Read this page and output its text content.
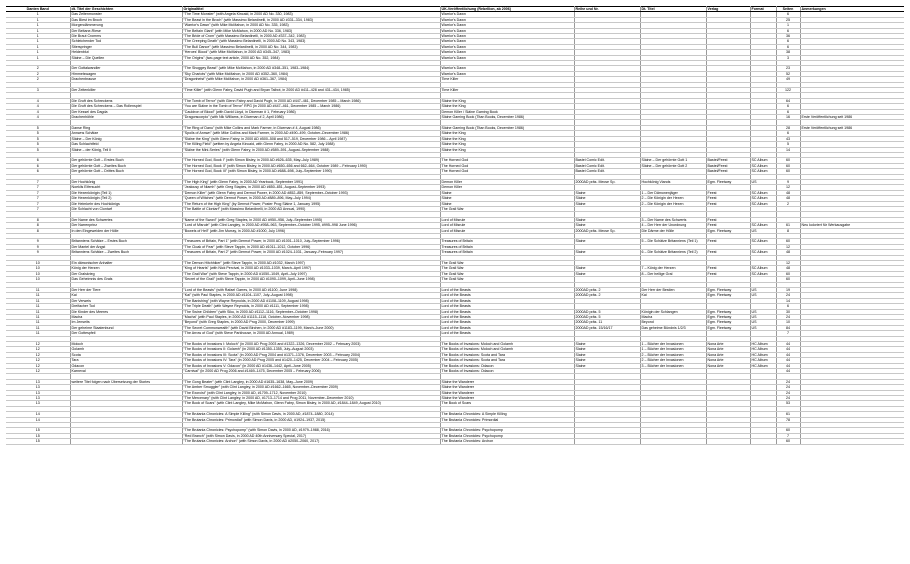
Danten Band	dt. Titel der Geschichten	Originaltitel	UK-Veröffentlichung (Rebellion, ab 2006)	Reihe und Nr.	Dt. Titel	Verlag	Format	Seiten	Anmerkungen
1	Das Zeitenmonster	"The Time Monster" (with Angela Kincaid, in 2000 AD No. 330, 1983)	Warrior's Dawn					6	
1	Das Biest im Broch	"The Beast in the Broch" (with Massimo Belardinelli, in 2000 AD #331–334, 1983)	Warrior's Dawn					25	
1	Morgendämmerung	"Warrior's Dawn" (with Mike McMahon, in 2000 AD No. 335, 1983)	Warrior's Dawn					1	
1	Der Beltane-Riese	"The Beltain Giant" (with Mike McMahon, in 2000 AD No. 336, 1983)	Warrior's Dawn					6	
1	Die Braut Cromms	"The Bride of Crom" (with Massimo Belardinelli, in 2000 AD #337–342, 1983)	Warrior's Dawn					36	
1	Schleichender Tod	"The Creeping Death" (with Massimo Belardinelli, in 2000 AD No. 343, 1983)	Warrior's Dawn					6	
1	Stierspringer	"The Bull Dance" (with Massimo Belardinelli, in 2000 AD No. 344, 1983)	Warrior's Dawn					6	
1	Heldenblut	"Heroes' Blood" (with Mike McMahon, in 2000 AD #345–347, 1983)	Warrior's Dawn					38	
1	Sláine – Die Quellen	"The Origins" (two-page text article, 2000 AD No. 352, 1984)	Warrior's Dawn					3	

2	Der Gottalwandler	"The Shoggey Beast" (with Mike McMahon, in 2000 AD #348–351, 1983–1984)	Warrior's Dawn					23	
2	Himmelswagen	"Sky Chariots" (with Mike McMahon, in 2000 AD #352–360, 1984)	Warrior's Dawn					52	
2	Drachenbrause	"Dragonheist" (with Mike McMahon, in 2000 AD #361–367, 1984)	Time Killer					49	

3	Der Zeitenkiller	"Time Killer" (with Glenn Fabry, David Pugh and Bryan Talbot, in 2000 AD #411–428 and 431–434, 1985)	Time Killer					122	

4	Die Gruft des Schreckens	"The Tomb of Terror" (with Glenn Fabry and David Pugh, in 2000 AD #447–461, December 1985 – March 1986)	Sláine the King					64	
4	Die Gruft des Schreckens – Das Rollenspiel	"You are Sláine in the Tomb of Terror" RPG (in 2000 AD #447–461, December 1985 – March 1986)	Sláine the King					6	
4	Der Kessel des Dagda	"Cauldron of Blood" (with David Lloyd, in Diceman # 1, February 1986)	Demon Killer / Sláine Gaming Book					6	
4	Drachenhöhle	"Dragonscorpio" (with Nik Williams, in Diceman # 2, April 1986)	Sláine Gaming Book (Titan Books, December 1986)					16	Erste Veröffentlichung seit 1986

5	Danse Ring	"The Ring of Danu" (with Mike Collins and Mark Farmer, in Diceman # 4, August 1986)	Sláine Gaming Book (Titan Books, December 1986)					28	Erste Veröffentlichung seit 1986
5	Annwns Schätze	"Spoils of Annwn" (with Mike Collins and Mark Farmer, in 2000 AD #490–499, October–December 1986)	Sláine the King					6	
5	Sláine – Der König	"Sláine the King" (with Glenn Fabry, in 2000 AD #500–508 and 517–519, December 1986 – April 1987)	Sláine the King					43	
5	Das Schlachtfeld	"The Killing Field" (written by Angela Kincaid, with Glenn Fabry, in 2000 AD No. 582, July 1988)	Sláine the King					5	
5	Sláine – der König, Teil II	"Sláine the Mini-Series" (with Glenn Fabry, in 2000 AD #589–591, August–September 1988)	Sláine the King					14	

6	Der gehörnte Gott – Erstes Buch	"The Horned God, Book I" (with Simon Bisley, in 2000 AD #626–635, May–July 1989)	The Horned God	Bastei Comic Edit.	Sláine – Der gehörnte Gott 1	Bastei/Feest	SC Album	60	
6	Der gehörnte Gott – Zweites Buch	"The Horned God, Book II" (with Simon Bisley, in 2000 AD #650–656 and 662–664, October 1989 – February 1990)	The Horned God	Bastei Comic Edit.	Sláine – Der gehörnte Gott 2	Bastei/Feest	SC Album	60	
6	Der gehörnte Gott – Drittes Buch	"The Horned God, Book III" (with Simon Bisley, in 2000 AD #688–698, July–September 1990)	The Horned God	Bastei Comic Edit.		Bastei/Feest	SC Album	60	

7	Der Hochkönig	"The High King" (with Glenn Fabry, in 2000 AD Yearbook, September 1991)	Demon Killer	2000AD präs. Mecse Sp.	Hochkönig Viands	Egm. Fleetway	US	9	
7	Noeklis Eifersucht	"Jealousy of Niamh" (with Greg Staples, in 2000 AD #850–851, August–September 1993)	Demon Killer					12	
7	Die Hexenkönigin (Teil 1)	"Demon Killer" (with Glenn Fabry and Dermot Power, in 2000 AD #852–859, September–October 1993)	Slaine	Slaine	1 – Der Dämonenjäger	Feest	SC Album	48	
7	Die Hexenkönigin (Teil 2)	"Queen of Witches" (with Dermot Power, in 2000 AD #889–896, May–July 1994)	Sláine	Sláine	2 – Die Königin der Hexen	Feest	SC Album	48	
7	Die Heimkehr des Hochkönigs	"The Return of the High King" (by Dermot Power, Poster Prog Sláine 1, January 1995)	Sláine	Sláine	2 – Die Königin der Hexen	Feest	SC Album	2	
7	Die Schlacht von Clontarf	"The Battle of Clontarf" (with Massimo Belardinelli, in 2000 AD Annual, 1990)	The Grail War						

8	Der Name des Schwertes	"Name of the Sword" (with Greg Staples, in 2000 AD #950–956, July–September 1995)	Lord of Misrule	Slaine	3 – Der Name des Schwerts	Feest			
8	Der Narrenprinz	"Lord of Misrule" (with Clint Langley, in 2000 AD #958–963, September–October 1995, #995–998 June 1996)	Lord of Misrule	Slaine	4 – Der Herr der Unordnung	Feest	SC Album	61	Neu koloriert für Werkausgabe
8	In den Eingeweiden der Hölle	"Bowels of Hell" (with Jim Murray, in 2000 AD #1000, July 1996)	Lord of Misrule	2000AD präs. Mecse Sp.	Die Därme der Hölle	Egm. Fleetway	US	8	

9	Britanniens Schätze – Erstes Buch	"Treasures of Britain, Part 1" (with Dermot Power, in 2000 AD #1001–1010, July–September 1996)	Treasures of Britain	Slaine	5 – Die Schätze Britanniens (Teil 1)	Feest	SC Album	60	
9	Der Mantel der Angst	"The Cloak of Fear" (with Steve Tappin, in 2000 AD #1011–1012, October 1996)	Treasures of Britain					12	
9	Britanniens Schätze – Zweites Buch	"Treasures of Britain, Part 2" (with Dermot Power, in 2000 AD #1024–1031, January–February 1997)	Treasures of Britain	Slaine	6 – Die Schätze Britanniens (Teil 2)	Feest	SC Album	48	

10	Ein dämonischer Anhalter	"The Demon Hitchhiker" (with Steve Tappin, in 2000 AD #1032, March 1997)	The Grail War					12	
10	König der Herzen	"King of Hearts" (with Nick Percival, in 2000 AD #1033–1039, March–April 1997)	The Grail War	Slaine	7 – König der Herzen	Feest	SC Album	48	
10	Der Gralskrieg	"The Grail War" (with Steve Tappin, in 2000 AD #1050–1049, April–July 1997)	The Grail War	Slaine	8 – Der heilige Gral	Feest	SC Album	60	
10	Das Geheimnis des Grals	"Secret of the Grail" (with Steve Tappin, in 2000 AD #1090–1099, April–June 1998)	The Grail War					60	

11	Der Herr der Tiere	"Lord of the Beasts" (with Rafael Garres, in 2000 AD #1100, June 1998)	Lord of the Beasts	2000AD präs. 2	Der Herr der Bestien	Egm. Fleetway	US	19	
11	Kai	"Kai" (with Paul Staples, in 2000 AD #1104–1107, July–August 1998)	Lord of the Beasts	2000AD präs. 2	Kai	Egm. Fleetway	US	24	
11	Der Verweis	"The Banishing" (with Wayne Reynolds, in 2000 AD #1108–1109, August 1998)	Lord of the Beasts					14	
11	Dreifacher Tod	"The Triple Death" (with Wayne Reynolds, in 2000 AD #1111, September 1998)	Lord of the Beasts					6	
11	Die Kinder des Meeres	"The Swine Children" (with Siku, in 2000 AD #1112–1116, September–October 1998)	Lord of the Beasts	2000AD präs. 5	Königin der Schlangen	Egm. Fleetway	US	30	
11	Macha	"Macha" (with Paul Staples, in 2000 AD #1115–1118, October–November 1998)	Lord of the Beasts	2000AD präs. 5	Macha	Egm. Fleetway	US	24	
11	Im Jenseits	"Beyond" (with Greg Staples, in 2000 AD Prog 2000, December 1999)	Lord of the Beasts	2000AD präs. 11	Beyond	Egm. Fleetway	US	10	
11	Der geheime Staatenbund	"The Secret Commonwealth" (with David Birchen, in 2000 AD #1183–1199, March–June 2000)	Lord of the Beasts	2000AD präs. 15/16/17	Das geheime Bündnis 1/2/3	Egm. Fleetway	US	84	
11	Der Gottespfeil	"The Arrow of God" (with Steve Parkhouse, in 2000 AD Annual, 1989)	Lord of the Beasts					7	

12	Moloch	"The Books of Invasions I: Moloch" (in 2000 AD Prog 2003 and #1322–1326, December 2002 – February 2003)	The Books of Invasions: Moloch and Golamh	Slaine	1 – Bücher der Invasionen	Nona Arte	HC Album	44	
12	Golamh	"The Books of Invasions II: Golamh" (in 2000 AD #1350–1355, July–August 2003)	The Books of Invasions: Moloch and Golamh	Slaine	1 – Bücher der Invasionen	Nona Arte	HC Album	44	
12	Scota	"The Books of Invasions III: Scota" (in 2000 AD Prog 2004 and #1371–1376, December 2003 – February 2004)	The Books of Invasions: Scota and Tara	Slaine	2 – Bücher der Invasionen	Nona Arte	HC Album	44	
12	Tara	"The Books of Invasions IV: Tara" (in 2000 AD Prog 2005 and #1420–1425, December 2004 – February 2005)	The Books of Invasions: Scota and Tara	Slaine	2 – Bücher der Invasionen	Nona Arte	HC Album	44	
12	Odacon	"The Books of Invasions V: Odacon" (in 2000 AD #1436–1442, April–June 2005)	The Books of Invasions: Odacon	Slaine	3 – Bücher der Invasionen	Nona Arte	HC Album	44	
12	Karneval	"Carnival" (in 2000 AD Prog 2006 and #1469–1475, December 2005 – February 2006)	The Books of Invasions: Odacon					44	

13	weitere Titel folgen nach Übersetzung der Stories	"The Gong Beater" (with Clint Langley, in 2000 AD #1635–1638, May–June 2009)	Sláine the Wanderer					24	
13		"The Amber Smuggler" (with Clint Langley, in 2000 AD #1662–1665, November–December 2009)	Sláine the Wanderer					24	
13		"The Exorcist" (with Clint Langley, in 2000 AD, #1709–1712, November 2010)	Sláine the Wanderer					24	
13		"The Mercenary" (with Clint Langley, in 2000 AD, #1713–1714 and Prog 2011, November–December 2010)	Sláine the Wanderer					24	
13		"The Book of Scars" (with Clint Langley, Mike McMahon, Glenn Fabry, Simon Bisley, in 2000 AD, #1844–1849, August 2010)	The Book of Scars					53	

14		"The Brutania Chronicles: A Simple Killing" (with Simon Davis, in 2000 AD, #1874–1880, 2014)	The Brutania Chronicles: A Simple Killing					61	
14		"The Brutania Chronicles: Primordial" (with Simon Davis, in 2000 AD, #1924–1937, 2015)	The Brutania Chronicles: Primordial					78	

15		"The Brutania Chronicles: Psychopomp" (with Simon Davis, in 2000 AD, #1979–1988, 2016)	The Brutania Chronicles: Psychopomp					60	
15		"Red Branch" (with Simon Davis, in 2000 AD 40th Anniversary Special, 2017)	The Brutania Chronicles: Psychopomp					7	
15		"The Brutania Chronicles: Archon" (with Simon Davis, in 2000 AD #2050–2060, 2017)	The Brutania Chronicles: Archon					60	
